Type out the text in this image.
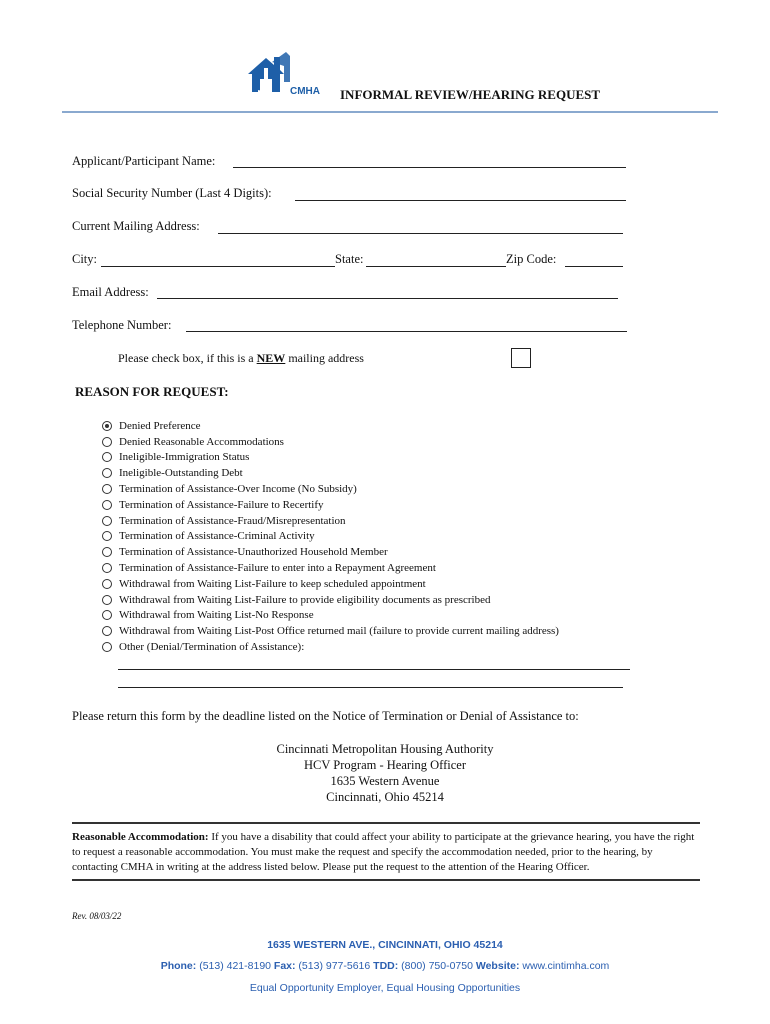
CMHA INFORMAL REVIEW/HEARING REQUEST
Applicant/Participant Name:
Social Security Number (Last 4 Digits):
Current Mailing Address:
City:	State:	Zip Code:
Email Address:
Telephone Number:
Please check box, if this is a NEW mailing address
REASON FOR REQUEST:
Denied Preference
Denied Reasonable Accommodations
Ineligible-Immigration Status
Ineligible-Outstanding Debt
Termination of Assistance-Over Income (No Subsidy)
Termination of Assistance-Failure to Recertify
Termination of Assistance-Fraud/Misrepresentation
Termination of Assistance-Criminal Activity
Termination of Assistance-Unauthorized Household Member
Termination of Assistance-Failure to enter into a Repayment Agreement
Withdrawal from Waiting List-Failure to keep scheduled appointment
Withdrawal from Waiting List-Failure to provide eligibility documents as prescribed
Withdrawal from Waiting List-No Response
Withdrawal from Waiting List-Post Office returned mail (failure to provide current mailing address)
Other (Denial/Termination of Assistance):
Please return this form by the deadline listed on the Notice of Termination or Denial of Assistance to:
Cincinnati Metropolitan Housing Authority
HCV Program - Hearing Officer
1635 Western Avenue
Cincinnati, Ohio 45214
Reasonable Accommodation: If you have a disability that could affect your ability to participate at the grievance hearing, you have the right to request a reasonable accommodation. You must make the request and specify the accommodation needed, prior to the hearing, by contacting CMHA in writing at the address listed below. Please put the request to the attention of the Hearing Officer.
Rev. 08/03/22
1635 WESTERN AVE., CINCINNATI, OHIO 45214
Phone: (513) 421-8190 Fax: (513) 977-5616 TDD: (800) 750-0750 Website: www.cintimha.com
Equal Opportunity Employer, Equal Housing Opportunities
